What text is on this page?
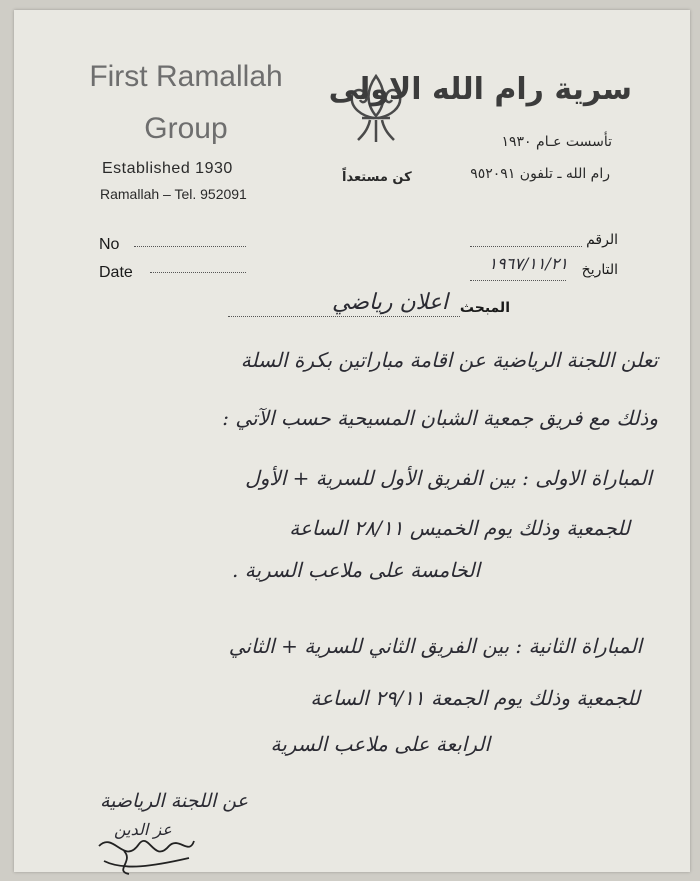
First Ramallah
Group
Established 1930
Ramallah – Tel. 952091
كن مستعداً
سرية رام الله الاولى
تأسست عـام ١٩٣٠
رام الله ـ تلفون ٩٥٢٠٩١
No
Date
الرقم
التاريخ
١٩٦٧/١١/٢١
المبحث
اعلان رياضي
تعلن اللجنة الرياضية عن اقامة مباراتين بكرة السلة
وذلك مع فريق جمعية الشبان المسيحية حسب الآتي :
المباراة الاولى : بين الفريق الأول للسرية + الأول
للجمعية وذلك يوم الخميس ٢٨/١١ الساعة
الخامسة على ملاعب السرية .
المباراة الثانية : بين الفريق الثاني للسرية + الثاني
للجمعية وذلك يوم الجمعة ٢٩/١١ الساعة
الرابعة على ملاعب السرية
عن اللجنة الرياضية
عز الدين
